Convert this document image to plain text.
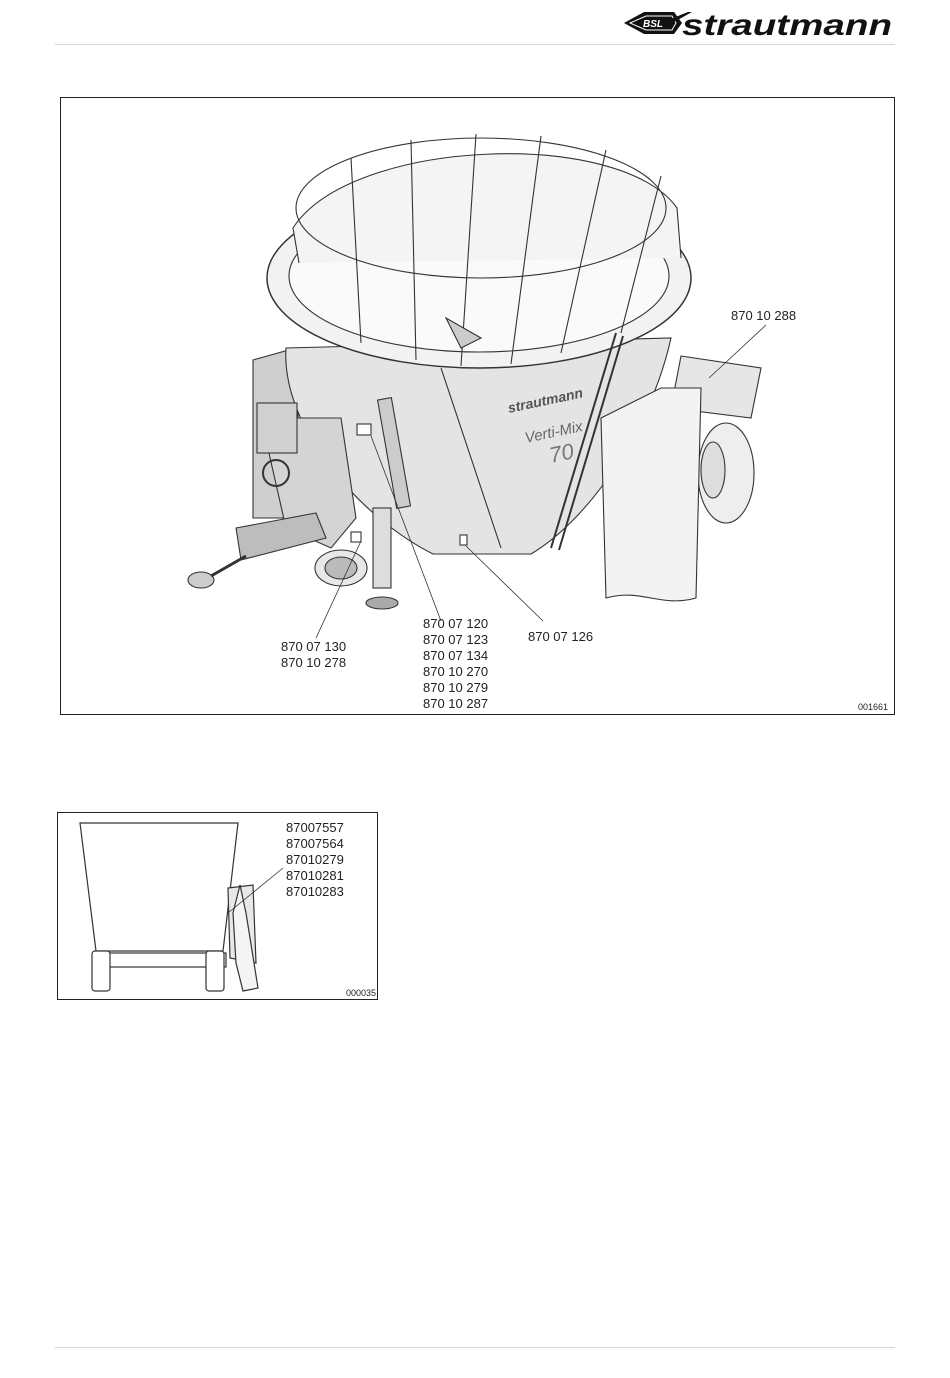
BSL strautmann
strautmann
Verti-Mix
70
870 10 288
870 07 130
870 10 278
870 07 120
870 07 123
870 07 134
870 10 270
870 10 279
870 10 287
870 07 126
001661
87007557
87007564
87010279
87010281
87010283
000035
